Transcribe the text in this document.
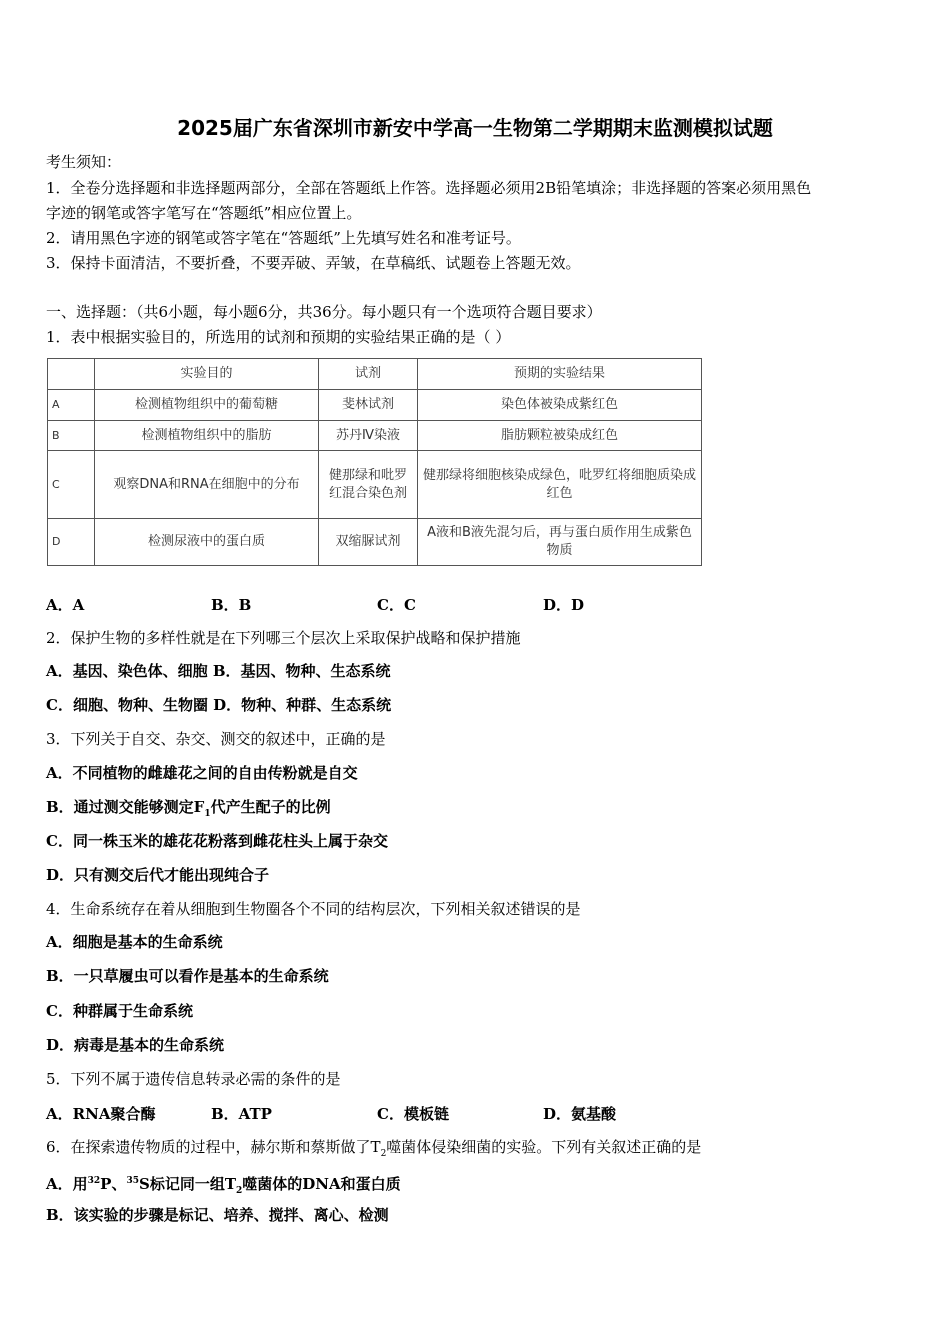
2025届广东省深圳市新安中学高一生物第二学期期末监测模拟试题
考生须知：
1．全卷分选择题和非选择题两部分，全部在答题纸上作答。选择题必须用2B铅笔填涂；非选择题的答案必须用黑色
字迹的钢笔或答字笔写在“答题纸”相应位置上。
2．请用黑色字迹的钢笔或答字笔在“答题纸”上先填写姓名和准考证号。
3．保持卡面清洁，不要折叠，不要弄破、弄皱，在草稿纸、试题卷上答题无效。
一、选择题：（共6小题，每小题6分，共36分。每小题只有一个选项符合题目要求）
1．表中根据实验目的，所选用的试剂和预期的实验结果正确的是（ ）
	实验目的	试剂	预期的实验结果
A	检测植物组织中的葡萄糖	斐林试剂	染色体被染成紫红色
B	检测植物组织中的脂肪	苏丹Ⅳ染液	脂肪颗粒被染成红色
C	观察DNA和RNA在细胞中的分布	健那绿和吡罗红混合染色剂	健那绿将细胞核染成绿色，吡罗红将细胞质染成红色
D	检测尿液中的蛋白质	双缩脲试剂	A液和B液先混匀后，再与蛋白质作用生成紫色物质
A．A	B．B	C．C	D．D
2．保护生物的多样性就是在下列哪三个层次上采取保护战略和保护措施
A．基因、染色体、细胞 B．基因、物种、生态系统
C．细胞、物种、生物圈 D．物种、种群、生态系统
3．下列关于自交、杂交、测交的叙述中，正确的是
A．不同植物的雌雄花之间的自由传粉就是自交
B．通过测交能够测定$F_1$代产生配子的比例
C．同一株玉米的雄花花粉落到雌花柱头上属于杂交
D．只有测交后代才能出现纯合子
4．生命系统存在着从细胞到生物圈各个不同的结构层次，下列相关叙述错误的是
A．细胞是基本的生命系统
B．一只草履虫可以看作是基本的生命系统
C．种群属于生命系统
D．病毒是基本的生命系统
5．下列不属于遗传信息转录必需的条件的是
A．RNA聚合酶	B．ATP	C．模板链	D．氨基酸
6．在探索遗传物质的过程中，赫尔斯和蔡斯做了$T_2$噬菌体侵染细菌的实验。下列有关叙述正确的是
A．用$^{32}$P、$^{35}$S标记同一组$T_2$噬菌体的DNA和蛋白质
B．该实验的步骤是标记、培养、搅拌、离心、检测
